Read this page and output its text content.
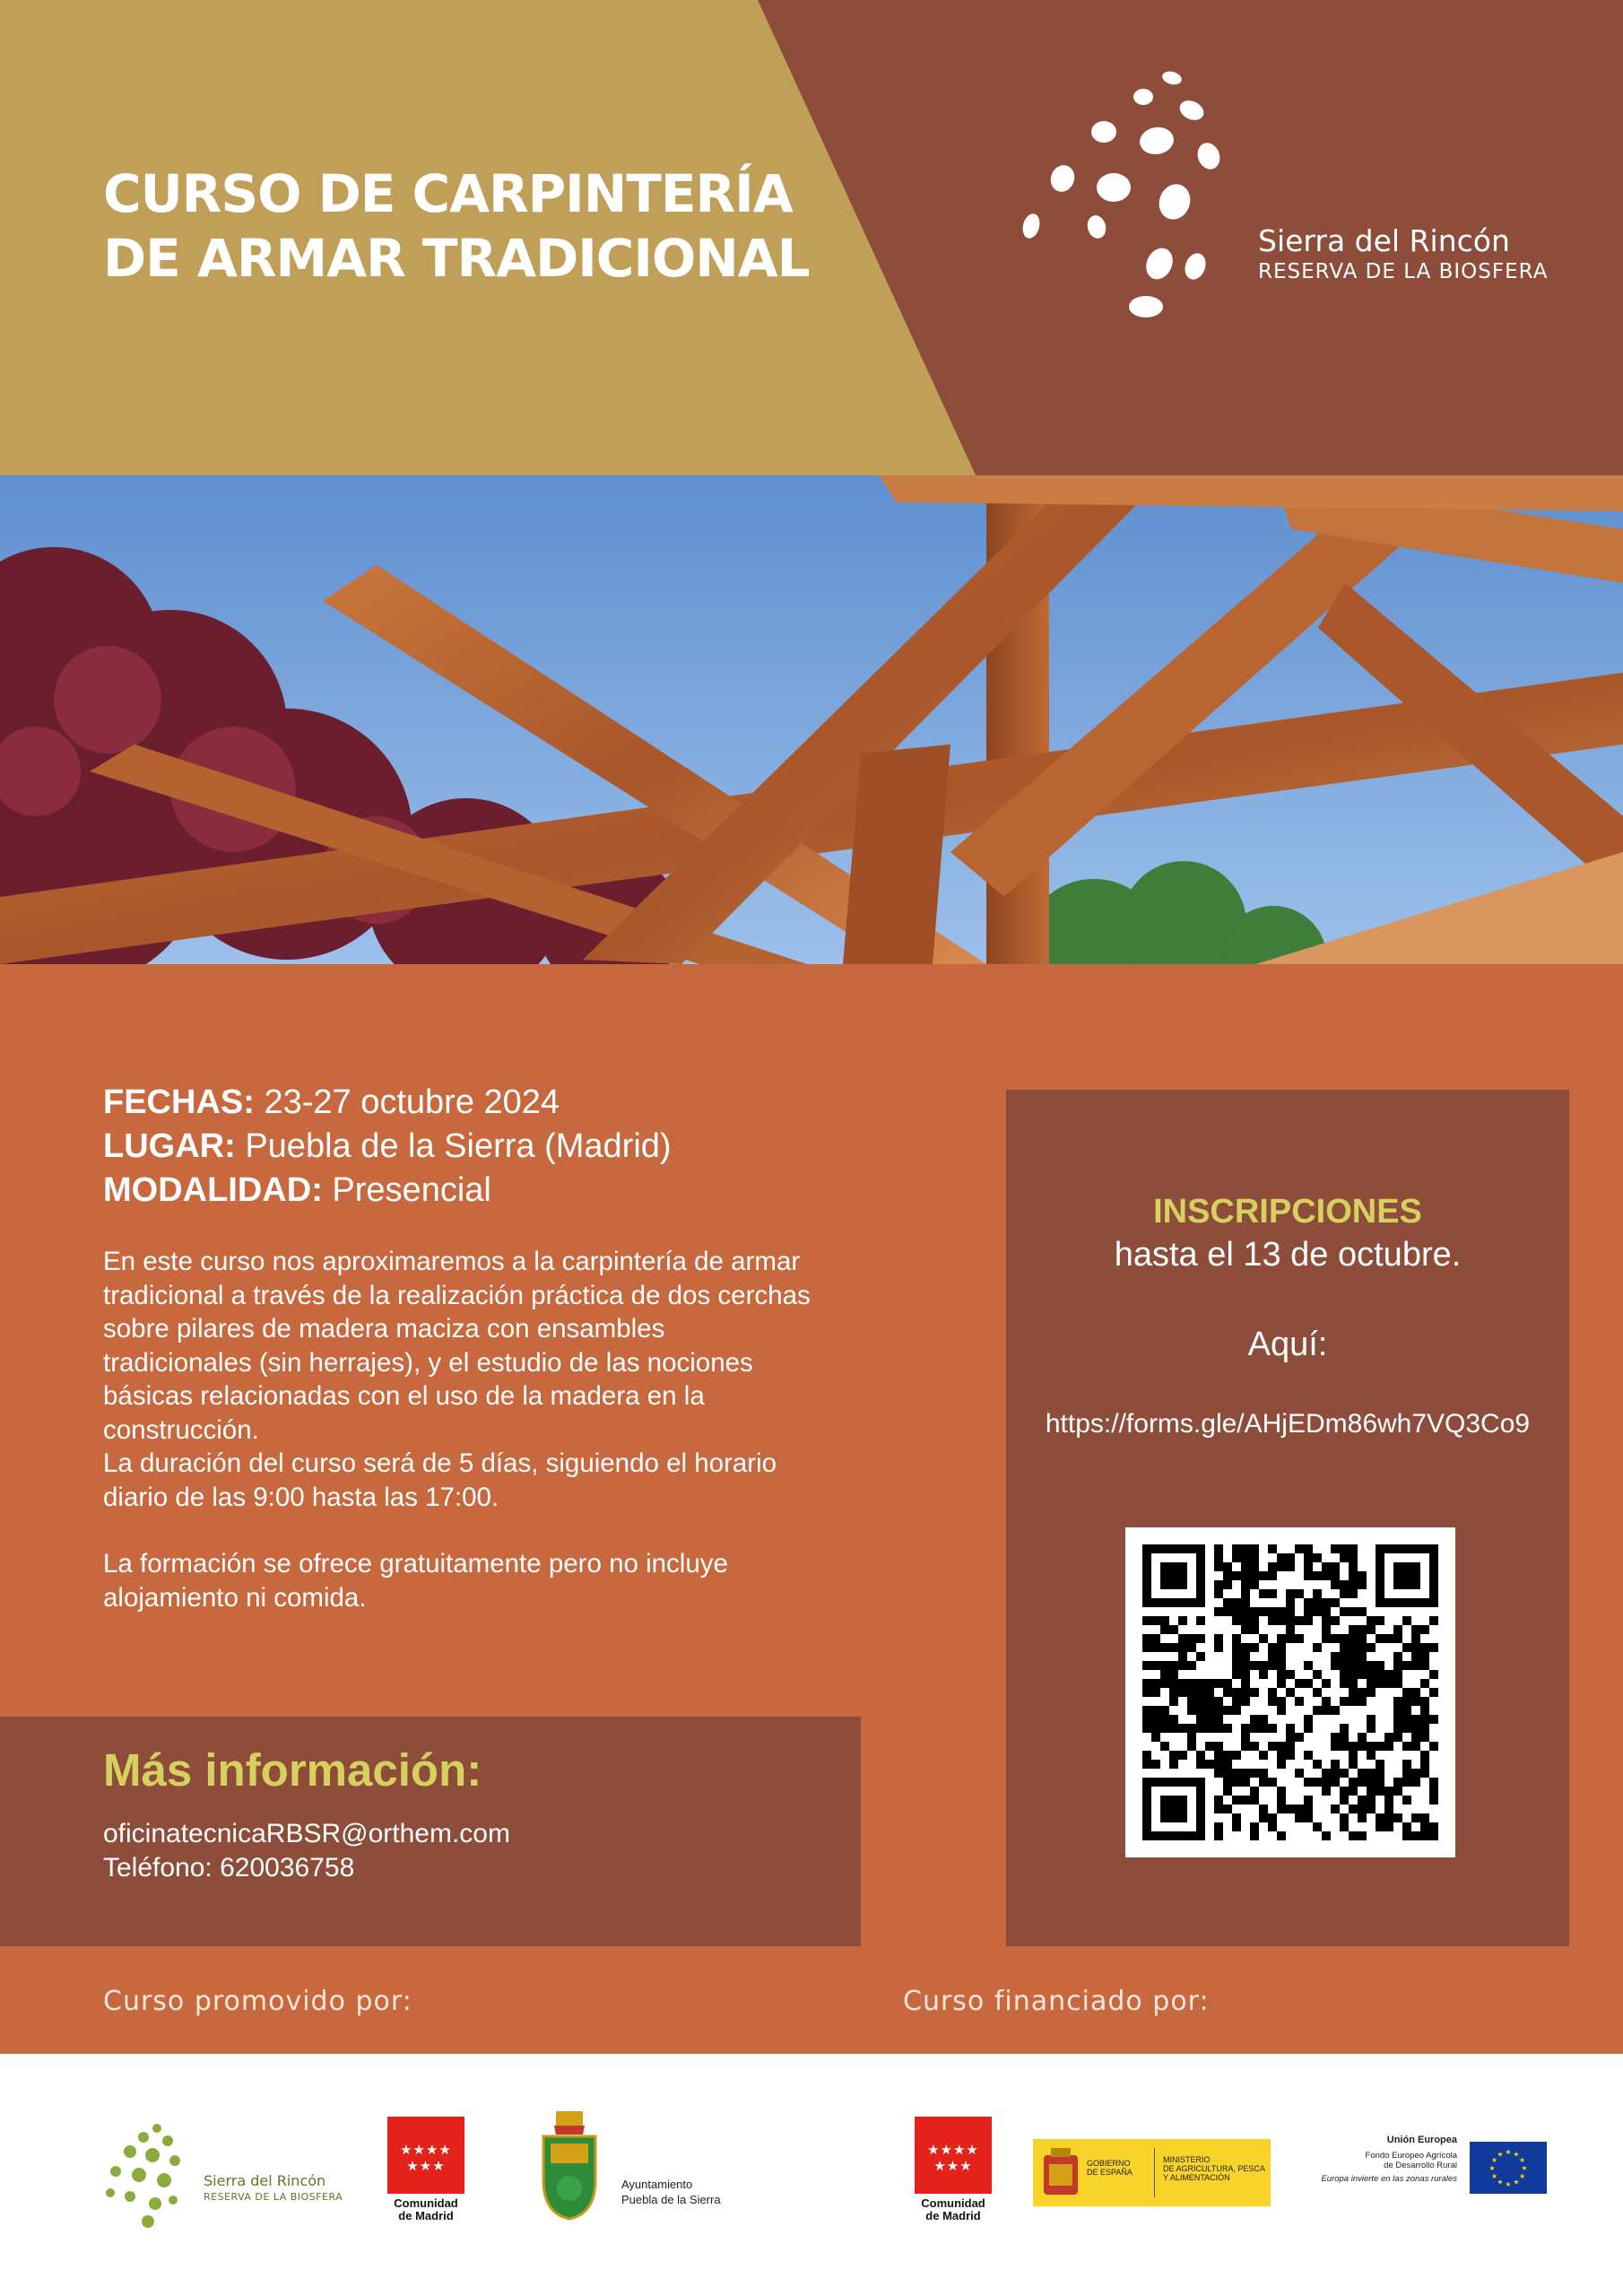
CURSO DE CARPINTERÍA
DE ARMAR TRADICIONAL	Sierra del Rincón
RESERVA DE LA BIOSFERA
FECHAS: 23-27 octubre 2024
LUGAR: Puebla de la Sierra (Madrid)
MODALIDAD: Presencial

En este curso nos aproximaremos a la carpintería de armar tradicional a través de la realización práctica de dos cerchas sobre pilares de madera maciza con ensambles tradicionales (sin herrajes), y el estudio de las nociones básicas relacionadas con el uso de la madera en la construcción.

La duración del curso será de 5 días, siguiendo el horario diario de las 9:00 hasta las 17:00.

La formación se ofrece gratuitamente pero no incluye alojamiento ni comida.

INSCRIPCIONES
hasta el 13 de octubre.
Aquí:
https://forms.gle/AHjEDm86wh7VQ3Co9
Más información:
oficinatecnicaRBSR@orthem.com
Teléfono: 620036758
Curso promovido por:	Curso financiado por:
Sierra del Rincón
RESERVA DE LA BIOSFERA
★★★★
★★★
Comunidad
de Madrid
Ayuntamiento
Puebla de la Sierra
★★★★
★★★
Comunidad
de Madrid
GOBIERNO
DE ESPAÑA
MINISTERIO
DE AGRICULTURA, PESCA
Y ALIMENTACIÓN
Unión Europea
Fondo Europeo Agrícola
de Desarrollo Rural
Europa invierte en las zonas rurales
★
★
★
★
★
★
★
★
★ ★ ★
★
